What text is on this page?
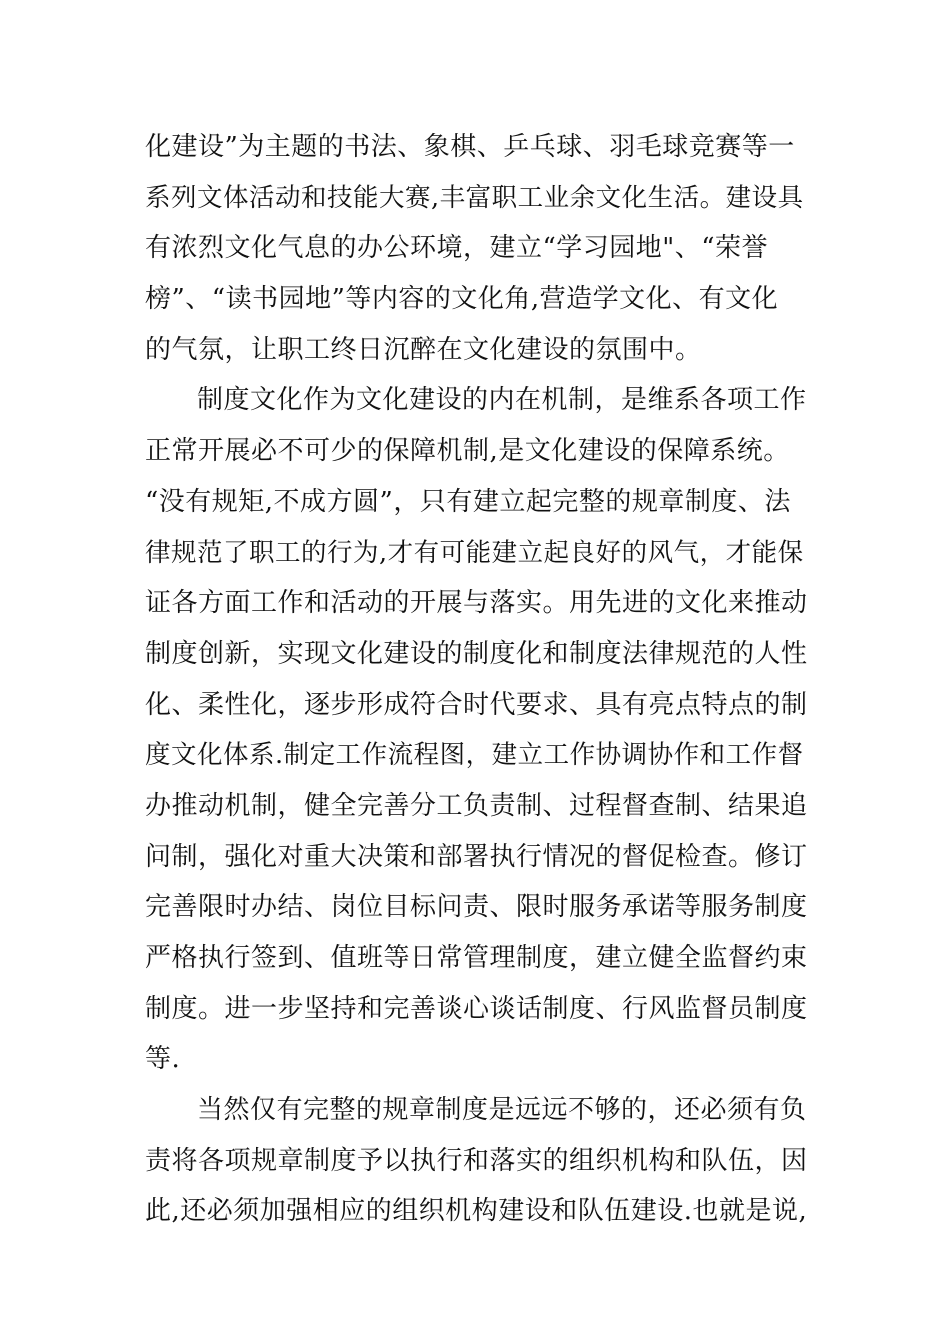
化建设”为主题的书法、象棋、乒乓球、羽毛球竞赛等一
系列文体活动和技能大赛,丰富职工业余文化生活。建设具
有浓烈文化气息的办公环境，建立“学习园地"、“荣誉
榜”、“读书园地”等内容的文化角,营造学文化、有文化
的气氛，让职工终日沉醉在文化建设的氛围中。
制度文化作为文化建设的内在机制，是维系各项工作
正常开展必不可少的保障机制,是文化建设的保障系统。
“没有规矩,不成方圆”，只有建立起完整的规章制度、法
律规范了职工的行为,才有可能建立起良好的风气，才能保
证各方面工作和活动的开展与落实。用先进的文化来推动
制度创新，实现文化建设的制度化和制度法律规范的人性
化、柔性化，逐步形成符合时代要求、具有亮点特点的制
度文化体系.制定工作流程图，建立工作协调协作和工作督
办推动机制，健全完善分工负责制、过程督查制、结果追
问制，强化对重大决策和部署执行情况的督促检查。修订
完善限时办结、岗位目标问责、限时服务承诺等服务制度
严格执行签到、值班等日常管理制度，建立健全监督约束
制度。进一步坚持和完善谈心谈话制度、行风监督员制度
等.
当然仅有完整的规章制度是远远不够的，还必须有负
责将各项规章制度予以执行和落实的组织机构和队伍，因
此,还必须加强相应的组织机构建设和队伍建设.也就是说,
